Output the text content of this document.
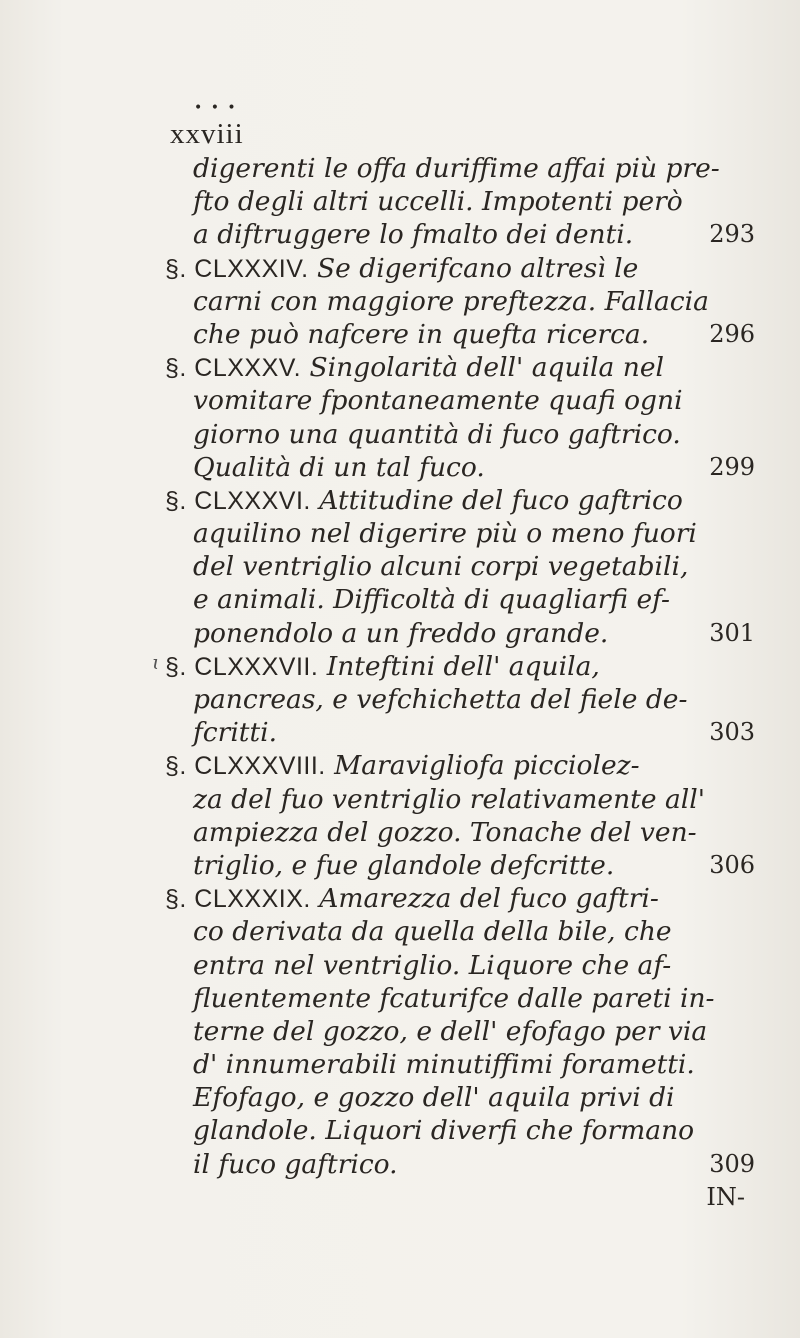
• • •
xxviii
digerenti le offa duriffime affai più pre-
fto degli altri uccelli. Impotenti però
a diftruggere lo fmalto dei denti.	293
§. CLXXXIV. Se digerifcano altresì le
carni con maggiore preftezza. Fallacia
che può nafcere in quefta ricerca.	296
§. CLXXXV. Singolarità dell' aquila nel
vomitare fpontaneamente quafi ogni
giorno una quantità di fuco gaftrico.
Qualità di un tal fuco.	299
§. CLXXXVI. Attitudine del fuco gaftrico
aquilino nel digerire più o meno fuori
del ventriglio alcuni corpi vegetabili,
e animali. Difficoltà di quagliarfi ef-
ponendolo a un freddo grande.	301
§. CLXXXVII. Inteftini dell' aquila,
pancreas, e vefchichetta del fiele de-
fcritti.	303
§. CLXXXVIII. Maravigliofa picciolez-
za del fuo ventriglio relativamente all'
ampiezza del gozzo. Tonache del ven-
triglio, e fue glandole defcritte.	306
§. CLXXXIX. Amarezza del fuco gaftri-
co derivata da quella della bile, che
entra nel ventriglio. Liquore che af-
fluentemente fcaturifce dalle pareti in-
terne del gozzo, e dell' efofago per via
d' innumerabili minutiffimi forametti.
Efofago, e gozzo dell' aquila privi di
glandole. Liquori diverfi che formano
il fuco gaftrico.	309
IN-
ɩ
